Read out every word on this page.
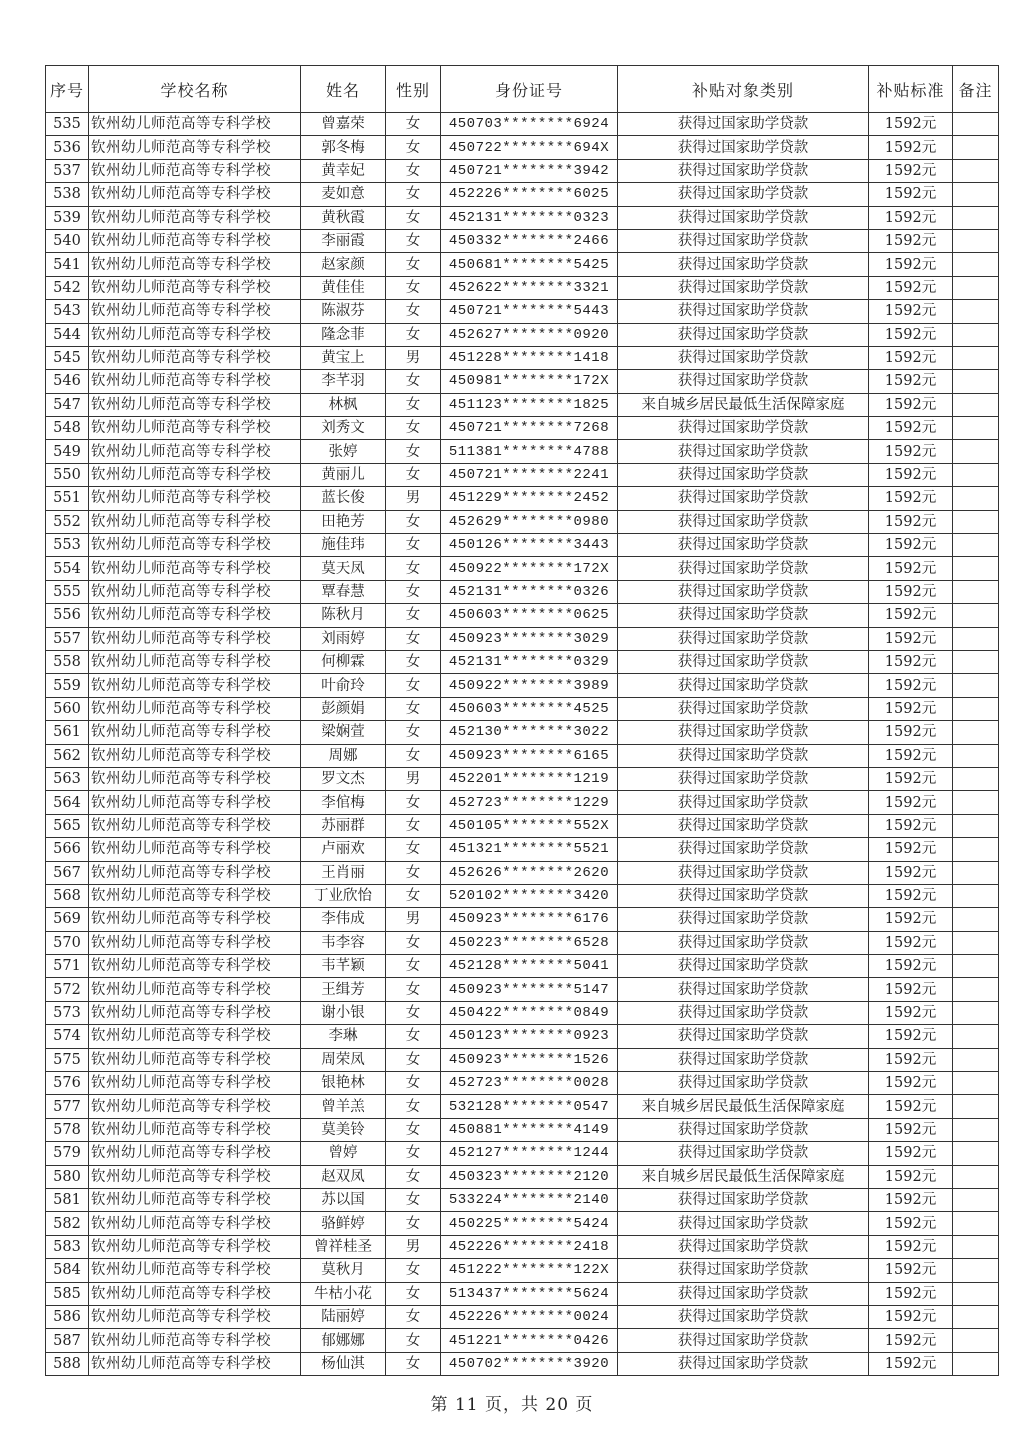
序号	学校名称	姓名	性别	身份证号	补贴对象类别	补贴标准	备注
535	钦州幼儿师范高等专科学校	曾嘉荣	女	450703********6924	获得过国家助学贷款	1592元	
536	钦州幼儿师范高等专科学校	郭冬梅	女	450722********694X	获得过国家助学贷款	1592元	
537	钦州幼儿师范高等专科学校	黄幸妃	女	450721********3942	获得过国家助学贷款	1592元	
538	钦州幼儿师范高等专科学校	麦如意	女	452226********6025	获得过国家助学贷款	1592元	
539	钦州幼儿师范高等专科学校	黄秋霞	女	452131********0323	获得过国家助学贷款	1592元	
540	钦州幼儿师范高等专科学校	李丽霞	女	450332********2466	获得过国家助学贷款	1592元	
541	钦州幼儿师范高等专科学校	赵家颜	女	450681********5425	获得过国家助学贷款	1592元	
542	钦州幼儿师范高等专科学校	黄佳佳	女	452622********3321	获得过国家助学贷款	1592元	
543	钦州幼儿师范高等专科学校	陈淑芬	女	450721********5443	获得过国家助学贷款	1592元	
544	钦州幼儿师范高等专科学校	隆念菲	女	452627********0920	获得过国家助学贷款	1592元	
545	钦州幼儿师范高等专科学校	黄宝上	男	451228********1418	获得过国家助学贷款	1592元	
546	钦州幼儿师范高等专科学校	李芊羽	女	450981********172X	获得过国家助学贷款	1592元	
547	钦州幼儿师范高等专科学校	林枫	女	451123********1825	来自城乡居民最低生活保障家庭	1592元	
548	钦州幼儿师范高等专科学校	刘秀文	女	450721********7268	获得过国家助学贷款	1592元	
549	钦州幼儿师范高等专科学校	张婷	女	511381********4788	获得过国家助学贷款	1592元	
550	钦州幼儿师范高等专科学校	黄丽儿	女	450721********2241	获得过国家助学贷款	1592元	
551	钦州幼儿师范高等专科学校	蓝长俊	男	451229********2452	获得过国家助学贷款	1592元	
552	钦州幼儿师范高等专科学校	田艳芳	女	452629********0980	获得过国家助学贷款	1592元	
553	钦州幼儿师范高等专科学校	施佳玮	女	450126********3443	获得过国家助学贷款	1592元	
554	钦州幼儿师范高等专科学校	莫天凤	女	450922********172X	获得过国家助学贷款	1592元	
555	钦州幼儿师范高等专科学校	覃春慧	女	452131********0326	获得过国家助学贷款	1592元	
556	钦州幼儿师范高等专科学校	陈秋月	女	450603********0625	获得过国家助学贷款	1592元	
557	钦州幼儿师范高等专科学校	刘雨婷	女	450923********3029	获得过国家助学贷款	1592元	
558	钦州幼儿师范高等专科学校	何柳霖	女	452131********0329	获得过国家助学贷款	1592元	
559	钦州幼儿师范高等专科学校	叶俞玲	女	450922********3989	获得过国家助学贷款	1592元	
560	钦州幼儿师范高等专科学校	彭颜娟	女	450603********4525	获得过国家助学贷款	1592元	
561	钦州幼儿师范高等专科学校	梁娴萱	女	452130********3022	获得过国家助学贷款	1592元	
562	钦州幼儿师范高等专科学校	周娜	女	450923********6165	获得过国家助学贷款	1592元	
563	钦州幼儿师范高等专科学校	罗文杰	男	452201********1219	获得过国家助学贷款	1592元	
564	钦州幼儿师范高等专科学校	李倌梅	女	452723********1229	获得过国家助学贷款	1592元	
565	钦州幼儿师范高等专科学校	苏丽群	女	450105********552X	获得过国家助学贷款	1592元	
566	钦州幼儿师范高等专科学校	卢丽欢	女	451321********5521	获得过国家助学贷款	1592元	
567	钦州幼儿师范高等专科学校	王肖丽	女	452626********2620	获得过国家助学贷款	1592元	
568	钦州幼儿师范高等专科学校	丁业欣怡	女	520102********3420	获得过国家助学贷款	1592元	
569	钦州幼儿师范高等专科学校	李伟成	男	450923********6176	获得过国家助学贷款	1592元	
570	钦州幼儿师范高等专科学校	韦李容	女	450223********6528	获得过国家助学贷款	1592元	
571	钦州幼儿师范高等专科学校	韦芊颖	女	452128********5041	获得过国家助学贷款	1592元	
572	钦州幼儿师范高等专科学校	王缉芳	女	450923********5147	获得过国家助学贷款	1592元	
573	钦州幼儿师范高等专科学校	谢小银	女	450422********0849	获得过国家助学贷款	1592元	
574	钦州幼儿师范高等专科学校	李琳	女	450123********0923	获得过国家助学贷款	1592元	
575	钦州幼儿师范高等专科学校	周荣凤	女	450923********1526	获得过国家助学贷款	1592元	
576	钦州幼儿师范高等专科学校	银艳林	女	452723********0028	获得过国家助学贷款	1592元	
577	钦州幼儿师范高等专科学校	曾羊羔	女	532128********0547	来自城乡居民最低生活保障家庭	1592元	
578	钦州幼儿师范高等专科学校	莫美铃	女	450881********4149	获得过国家助学贷款	1592元	
579	钦州幼儿师范高等专科学校	曾婷	女	452127********1244	获得过国家助学贷款	1592元	
580	钦州幼儿师范高等专科学校	赵双凤	女	450323********2120	来自城乡居民最低生活保障家庭	1592元	
581	钦州幼儿师范高等专科学校	苏以国	女	533224********2140	获得过国家助学贷款	1592元	
582	钦州幼儿师范高等专科学校	骆鲜婷	女	450225********5424	获得过国家助学贷款	1592元	
583	钦州幼儿师范高等专科学校	曾祥桂圣	男	452226********2418	获得过国家助学贷款	1592元	
584	钦州幼儿师范高等专科学校	莫秋月	女	451222********122X	获得过国家助学贷款	1592元	
585	钦州幼儿师范高等专科学校	牛枯小花	女	513437********5624	获得过国家助学贷款	1592元	
586	钦州幼儿师范高等专科学校	陆丽婷	女	452226********0024	获得过国家助学贷款	1592元	
587	钦州幼儿师范高等专科学校	郁娜娜	女	451221********0426	获得过国家助学贷款	1592元	
588	钦州幼儿师范高等专科学校	杨仙淇	女	450702********3920	获得过国家助学贷款	1592元	
第 11 页，共 20 页
